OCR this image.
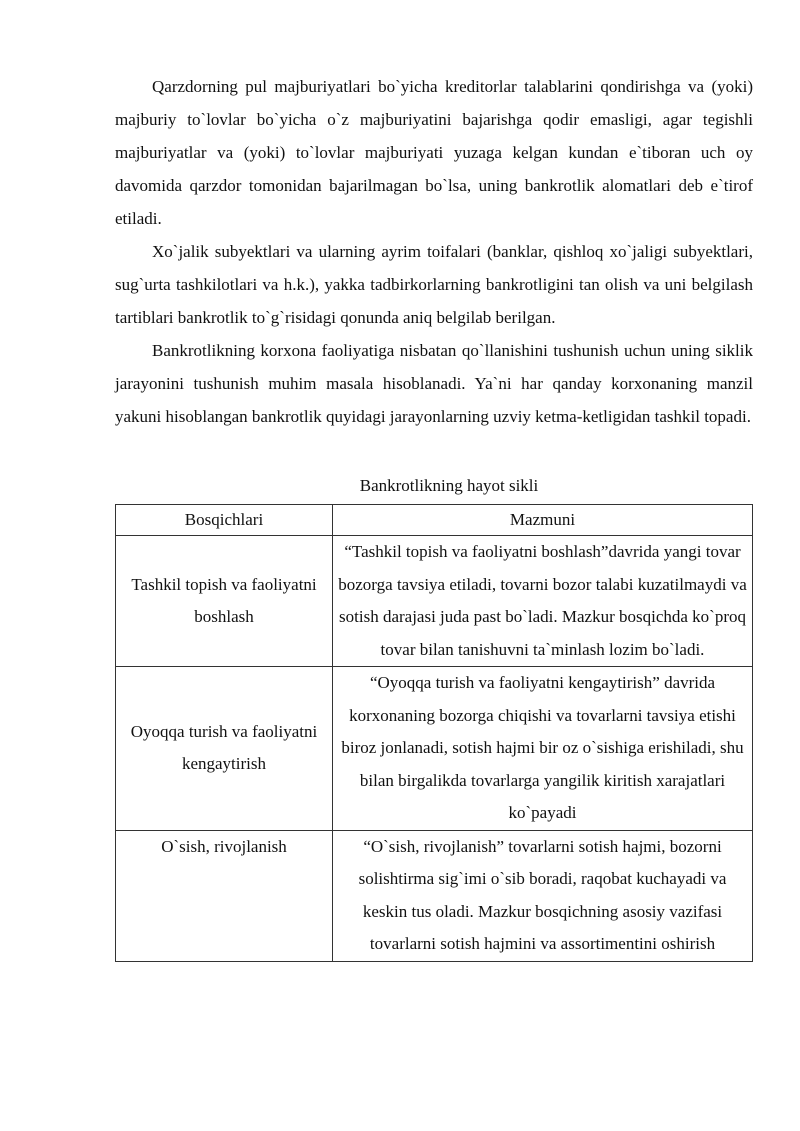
Qarzdorning pul majburiyatlari bo`yicha kreditorlar talablarini qondirishga va (yoki) majburiy to`lovlar bo`yicha o`z majburiyatini bajarishga qodir emasligi, agar tegishli majburiyatlar va (yoki) to`lovlar majburiyati yuzaga kelgan kundan e`tiboran uch oy davomida qarzdor tomonidan bajarilmagan bo`lsa, uning bankrotlik alomatlari deb e`tirof etiladi.

Xo`jalik subyektlari va ularning ayrim toifalari (banklar, qishloq xo`jaligi subyektlari, sug`urta tashkilotlari va h.k.), yakka tadbirkorlarning bankrotligini tan olish va uni belgilash tartiblari bankrotlik to`g`risidagi qonunda aniq belgilab berilgan.

Bankrotlikning korxona faoliyatiga nisbatan qo`llanishini tushunish uchun uning siklik jarayonini tushunish muhim masala hisoblanadi. Ya`ni har qanday korxonaning manzil yakuni hisoblangan bankrotlik quyidagi jarayonlarning uzviy ketma-ketligidan tashkil topadi.

Bankrotlikning hayot sikli
Bosqichlari	Mazmuni
Tashkil topish va faoliyatni boshlash	“Tashkil topish va faoliyatni boshlash”davrida yangi tovar bozorga tavsiya etiladi, tovarni bozor talabi kuzatilmaydi va sotish darajasi juda past bo`ladi. Mazkur bosqichda ko`proq tovar bilan tanishuvni ta`minlash lozim bo`ladi.
Oyoqqa turish va faoliyatni kengaytirish	“Oyoqqa turish va faoliyatni kengaytirish” davrida korxonaning bozorga chiqishi va tovarlarni tavsiya etishi biroz jonlanadi, sotish hajmi bir oz o`sishiga erishiladi, shu bilan birgalikda tovarlarga yangilik kiritish xarajatlari ko`payadi
O`sish, rivojlanish	“O`sish, rivojlanish” tovarlarni sotish hajmi, bozorni solishtirma sig`imi o`sib boradi, raqobat kuchayadi va keskin tus oladi. Mazkur bosqichning asosiy vazifasi tovarlarni sotish hajmini va assortimentini oshirish
